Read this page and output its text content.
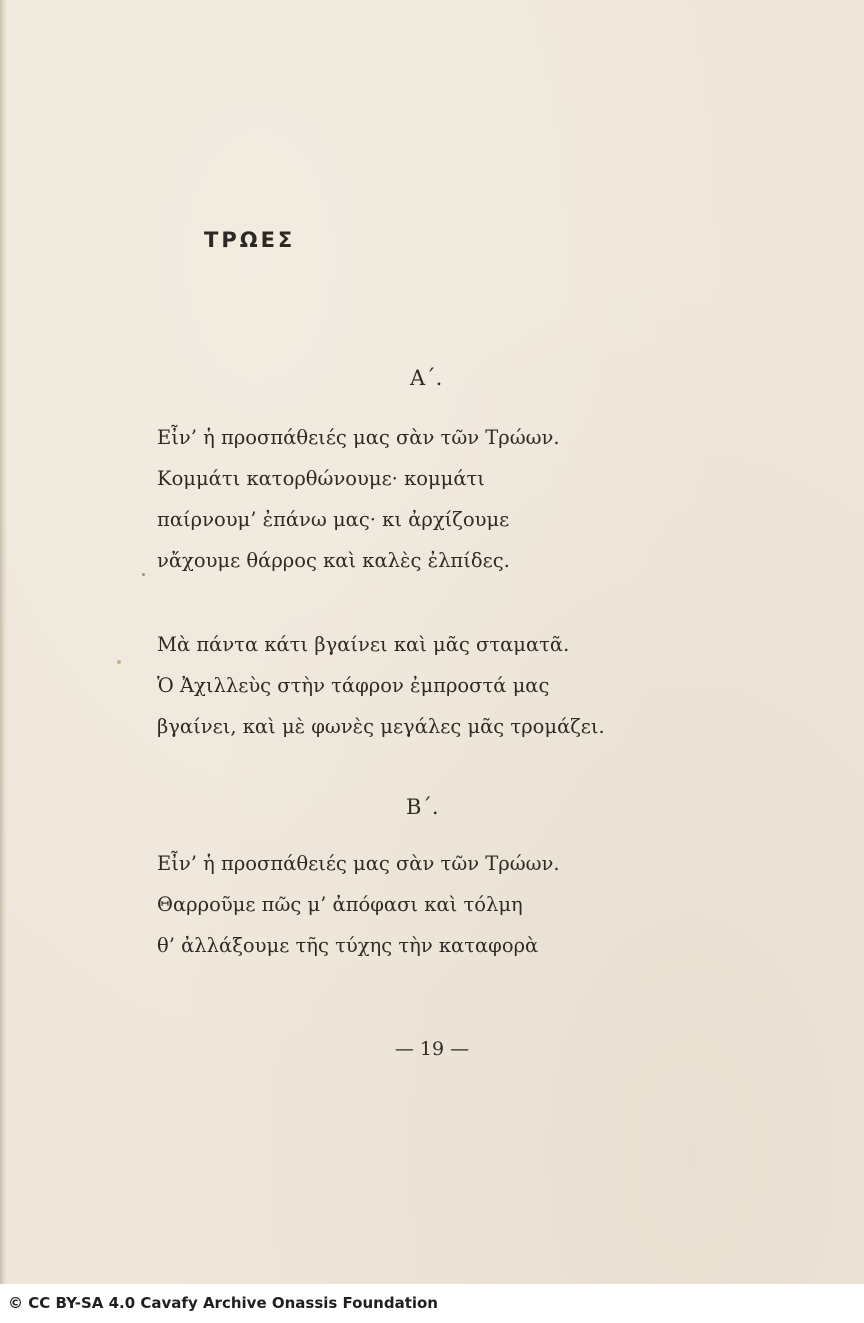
ΤΡΩΕΣ

Α΄.

Εἶν’ ἡ προσπάθειές μας σὰν τῶν Τρώων.
Κομμάτι κατορθώνουμε· κομμάτι
παίρνουμ’ ἐπάνω μας· κι ἀρχίζουμε
νἄχουμε θάρρος καὶ καλὲς ἐλπίδες.
Μὰ πάντα κάτι βγαίνει καὶ μᾶς σταματᾶ.
Ὁ Ἀχιλλεὺς στὴν τάφρον ἐμπροστά μας
βγαίνει, καὶ μὲ φωνὲς μεγάλες μᾶς τρομάζει.

Β΄.

Εἶν’ ἡ προσπάθειές μας σὰν τῶν Τρώων.
Θαρροῦμε πῶς μ’ ἀπόφασι καὶ τόλμη
θ’ ἀλλάξουμε τῆς τύχης τὴν καταφορὰ

— 19 —

© CC BY-SA 4.0 Cavafy Archive Onassis Foundation
